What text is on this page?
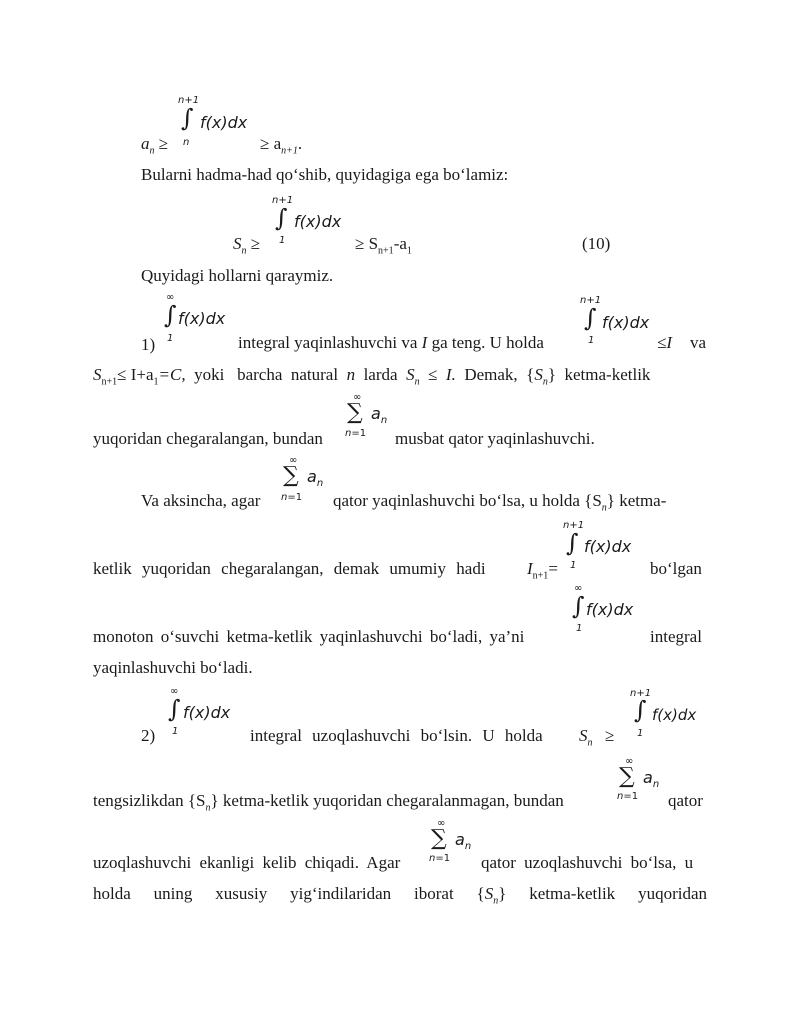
n+1
∫
n
f(x)dx
$a_n$ ≥	≥ $a_{n+1}$.
Bularni hadma-had qo‘shib, quyidagiga ega bo‘lamiz:
n+1
∫
1
f(x)dx
$S_n$ ≥	≥ $S_{n+1}-a_1$	(10)
Quyidagi hollarni qaraymiz.
∞
∫
1
f(x)dx
n+1
∫
1
f(x)dx
1)	integral yaqinlashuvchi va I ga teng. U holda	≤I va
$S_{n+1}\le I+a_1=C$, yoki barcha natural n larda $S_n \le I$. Demak, $\{S_n\}$ ketma-ketlik
∞
∑ $a_n$
n=1
yuqoridan chegaralangan, bundan	musbat qator yaqinlashuvchi.
∞
∑ $a_n$
n=1
Va aksincha, agar	qator yaqinlashuvchi bo‘lsa, u holda $\{S_n\}$ ketma-
n+1
∫
1
f(x)dx
ketlik yuqoridan chegaralangan, demak umumiy hadi $I_{n+1}=$	bo‘lgan
∞
∫
1
f(x)dx
monoton o‘suvchi ketma-ketlik yaqinlashuvchi bo‘ladi, ya’ni	integral
yaqinlashuvchi bo‘ladi.
∞
∫
1
f(x)dx
n+1
∫
1
f(x)dx
2)	integral uzoqlashuvchi bo‘lsin. U holda $S_n$ ≥
∞
∑ $a_n$
n=1
tengsizlikdan $\{S_n\}$ ketma-ketlik yuqoridan chegaralanmagan, bundan	qator
∞
∑ $a_n$
n=1
uzoqlashuvchi ekanligi kelib chiqadi. Agar	qator uzoqlashuvchi bo‘lsa, u
holda uning xususiy yig‘indilaridan iborat $\{S_n\}$ ketma-ketlik yuqoridan
